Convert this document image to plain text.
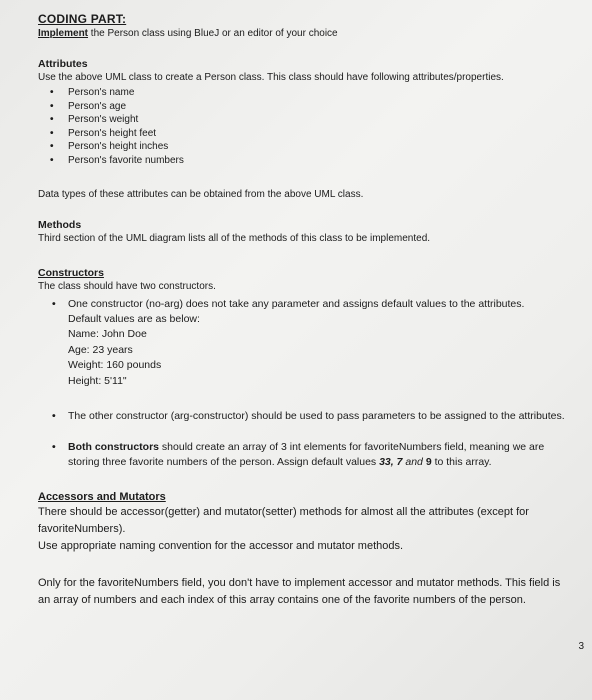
CODING PART:

Implement the Person class using BlueJ or an editor of your choice

Attributes

Use the above UML class to create a Person class. This class should have following attributes/properties.

• Person's name
• Person's age
• Person's weight
• Person's height feet
• Person's height inches
• Person's favorite numbers

Data types of these attributes can be obtained from the above UML class.

Methods

Third section of the UML diagram lists all of the methods of this class to be implemented.

Constructors

The class should have two constructors.

• One constructor (no-arg) does not take any parameter and assigns default values to the attributes.
Default values are as below:
Name: John Doe
Age: 23 years
Weight: 160 pounds
Height: 5'11"
• The other constructor (arg-constructor) should be used to pass parameters to be assigned to the attributes.
• Both constructors should create an array of 3 int elements for favoriteNumbers field, meaning we are storing three favorite numbers of the person. Assign default values 33, 7 and 9 to this array.

Accessors and Mutators

There should be accessor(getter) and mutator(setter) methods for almost all the attributes (except for favoriteNumbers).

Use appropriate naming convention for the accessor and mutator methods.

Only for the favoriteNumbers field, you don't have to implement accessor and mutator methods. This field is an array of numbers and each index of this array contains one of the favorite numbers of the person.

3
